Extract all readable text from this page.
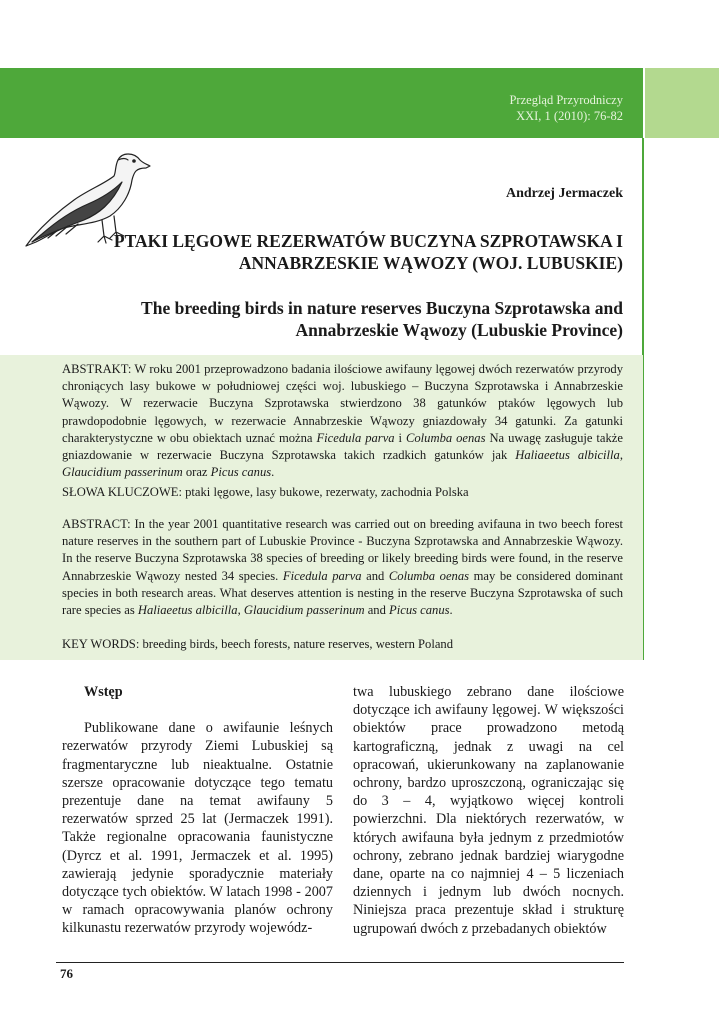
Przegląd Przyrodniczy
XXI, 1 (2010): 76-82
Andrzej Jermaczek
PTAKI LĘGOWE REZERWATÓW BUCZYNA SZPROTAWSKA I ANNABRZESKIE WĄWOZY (WOJ. LUBUSKIE)
The breeding birds in nature reserves Buczyna Szprotawska and Annabrzeskie Wąwozy (Lubuskie Province)

ABSTRAKT: W roku 2001 przeprowadzono badania ilościowe awifauny lęgowej dwóch rezerwatów przyrody chroniących lasy bukowe w południowej części woj. lubuskiego – Buczyna Szprotawska i Annabrzeskie Wąwozy. W rezerwacie Buczyna Szprotawska stwierdzono 38 gatunków ptaków lęgowych lub prawdopodobnie lęgowych, w rezerwacie Annabrzeskie Wąwozy gniazdowały 34 gatunki. Za gatunki charakterystyczne w obu obiektach uznać można Ficedula parva i Columba oenas Na uwagę zasługuje także gniazdowanie w rezerwacie Buczyna Szprotawska takich rzadkich gatunków jak Haliaeetus albicilla, Glaucidium passerinum oraz Picus canus.

SŁOWA KLUCZOWE: ptaki lęgowe, lasy bukowe, rezerwaty, zachodnia Polska

ABSTRACT: In the year 2001 quantitative research was carried out on breeding avifauna in two beech forest nature reserves in the southern part of Lubuskie Province - Buczyna Szprotawska and Annabrzeskie Wąwozy. In the reserve Buczyna Szprotawska 38 species of breeding or likely breeding birds were found, in the reserve Annabrzeskie Wąwozy nested 34 species. Ficedula parva and Columba oenas may be considered dominant species in both research areas. What deserves attention is nesting in the reserve Buczyna Szprotawska of such rare species as Haliaeetus albicilla, Glaucidium passerinum and Picus canus.

KEY WORDS: breeding birds, beech forests, nature reserves, western Poland

Wstęp

Publikowane dane o awifaunie leśnych rezerwatów przyrody Ziemi Lubuskiej są fragmentaryczne lub nieaktualne. Ostatnie szersze opracowanie dotyczące tego tematu prezentuje dane na temat awifauny 5 rezerwatów sprzed 25 lat (Jermaczek 1991). Także regionalne opracowania faunistyczne (Dyrcz et al. 1991, Jermaczek et al. 1995) zawierają jedynie sporadycznie materiały dotyczące tych obiektów. W latach 1998 - 2007 w ramach opracowywania planów ochrony kilkunastu rezerwatów przyrody wojewódz-

twa lubuskiego zebrano dane ilościowe dotyczące ich awifauny lęgowej. W większości obiektów prace prowadzono metodą kartograficzną, jednak z uwagi na cel opracowań, ukierunkowany na zaplanowanie ochrony, bardzo uproszczoną, ograniczając się do 3 – 4, wyjątkowo więcej kontroli powierzchni. Dla niektórych rezerwatów, w których awifauna była jednym z przedmiotów ochrony, zebrano jednak bardziej wiarygodne dane, oparte na co najmniej 4 – 5 liczeniach dziennych i jednym lub dwóch nocnych. Niniejsza praca prezentuje skład i strukturę ugrupowań dwóch z przebadanych obiektów

76
